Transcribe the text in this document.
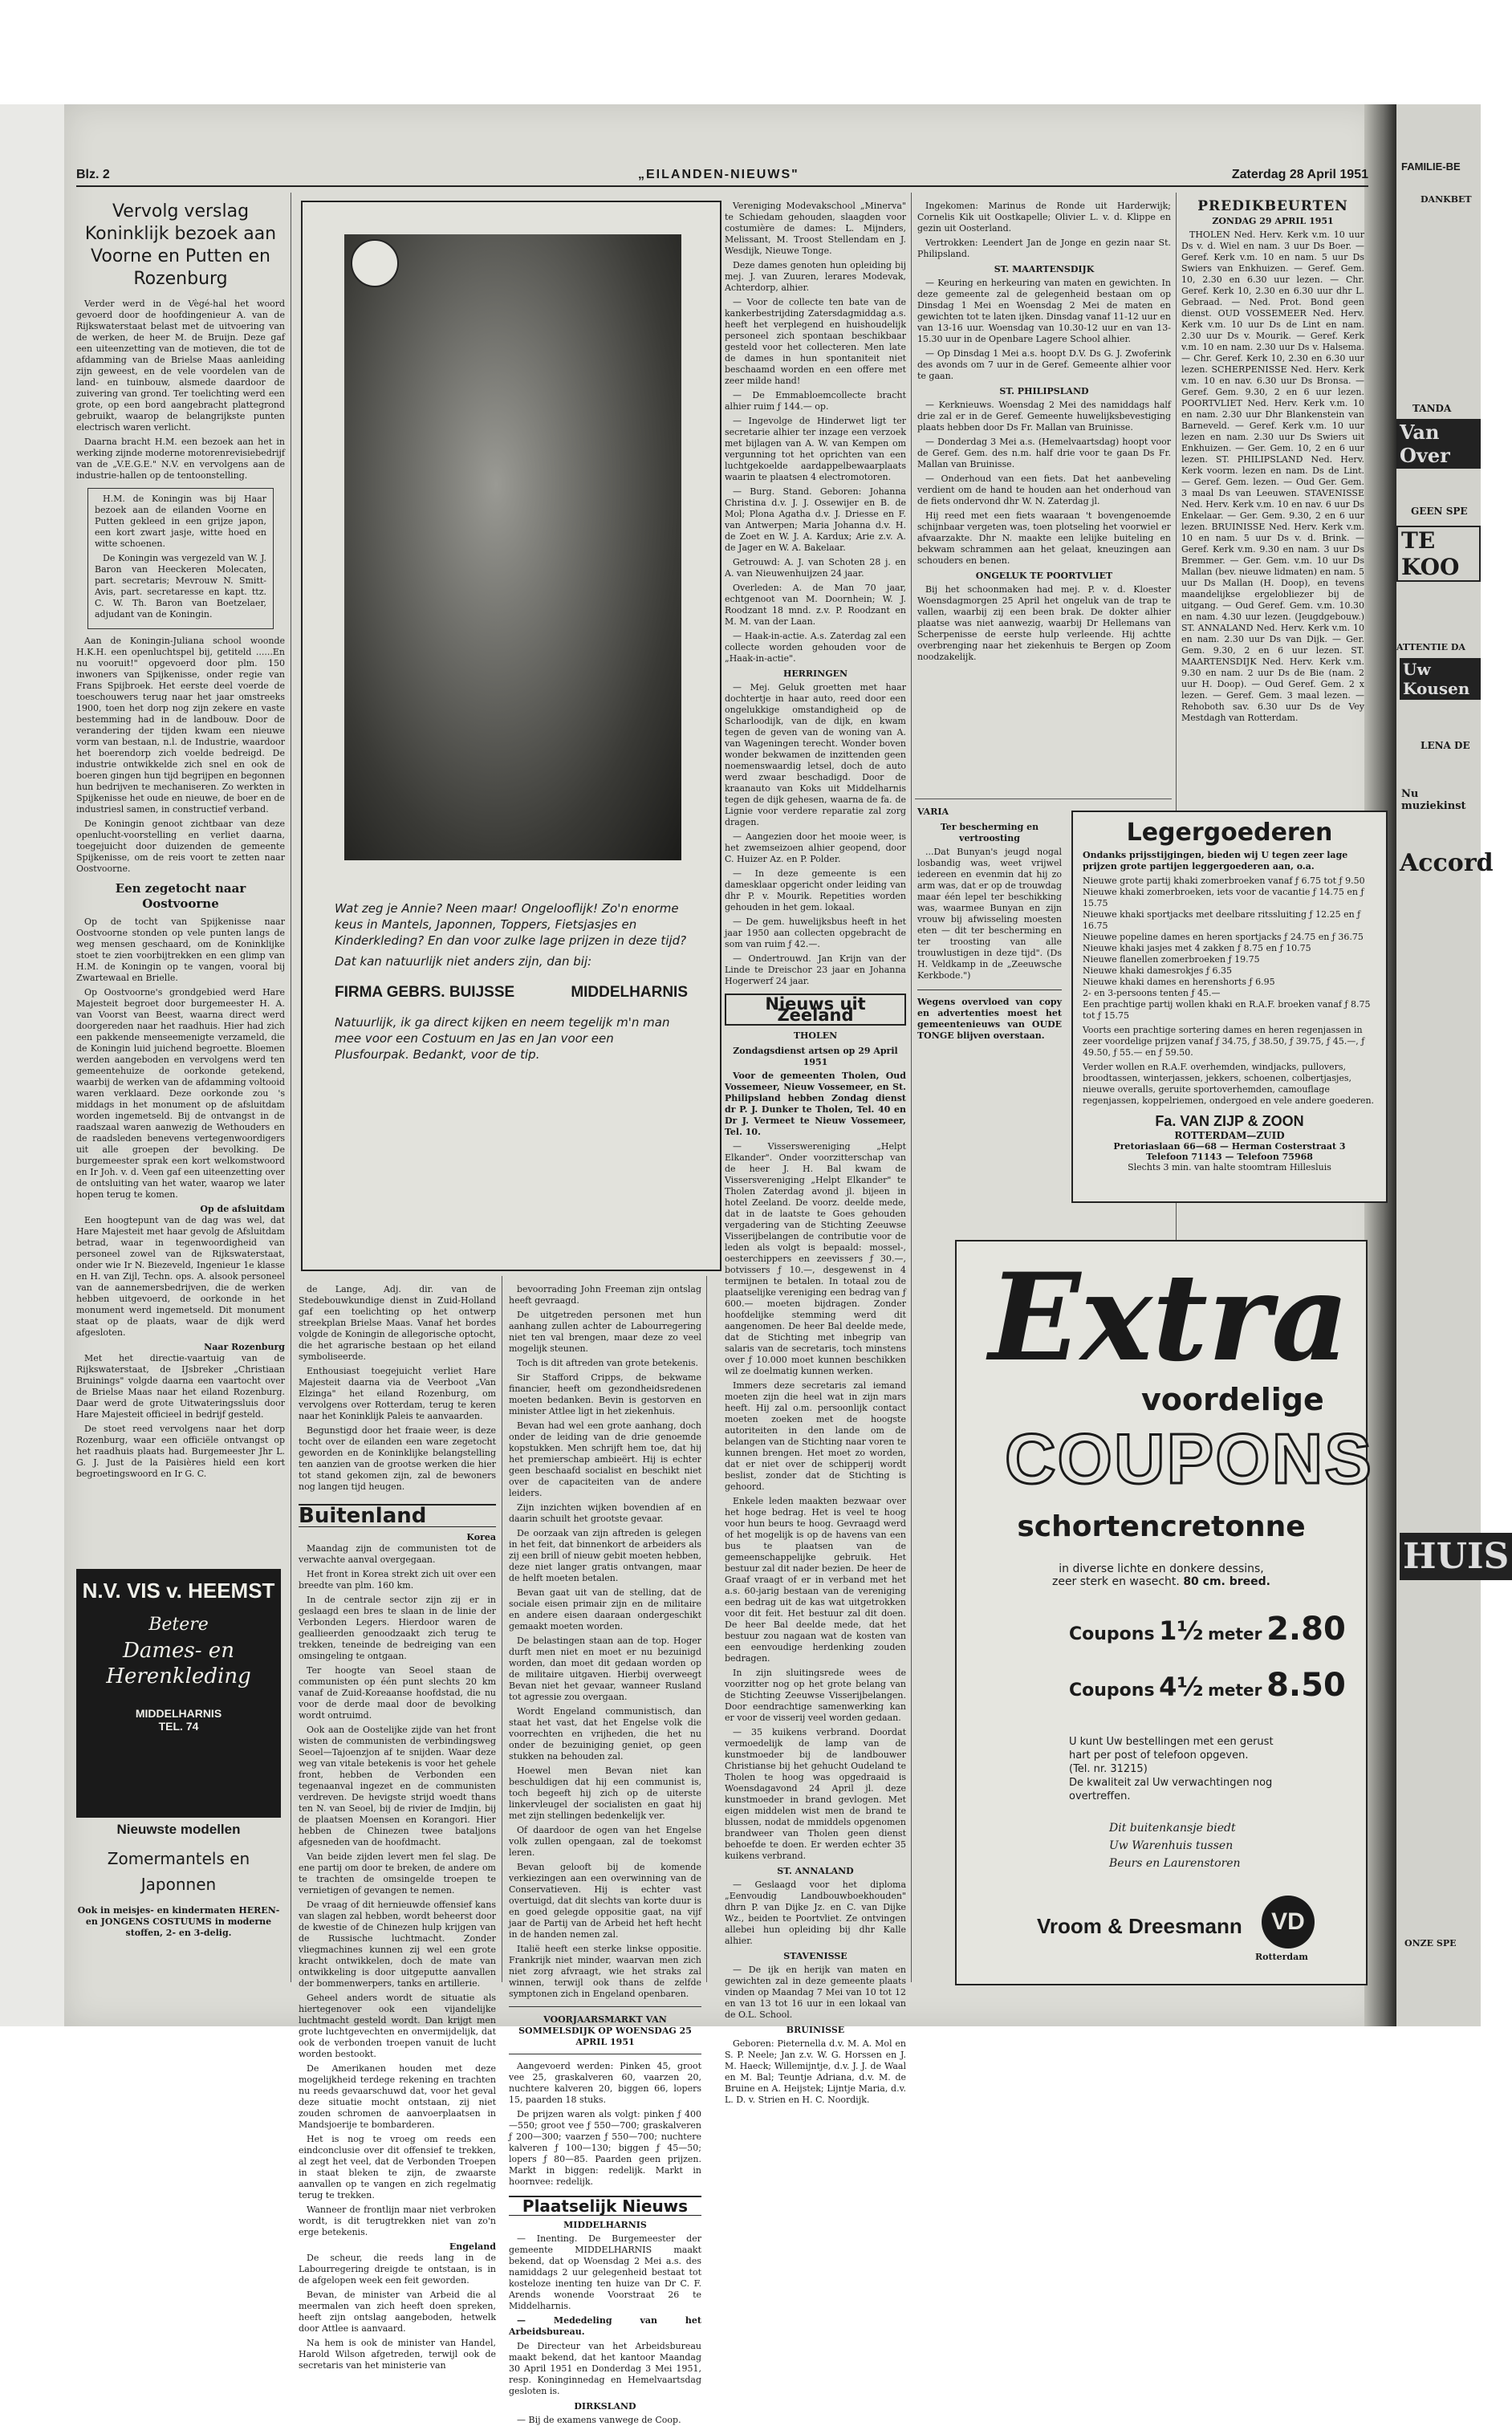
FAMILIE-BE
DANKBET
TANDA
Van Over
GEEN SPE
TE KOO
ATTENTIE DA
Uw Kousen
LENA DE
Nu muziekinst
Accord
HUIS
ONZE SPE
Blz. 2	„EILANDEN-NIEUWS"	Zaterdag 28 April 1951
Vervolg verslag Koninklijk bezoek aan Voorne en Putten en Rozenburg

Verder werd in de Vègé-hal het woord gevoerd door de hoofdingenieur A. van de Rijkswaterstaat belast met de uitvoering van de werken, de heer M. de Bruijn. Deze gaf een uiteenzetting van de motieven, die tot de afdamming van de Brielse Maas aanleiding zijn geweest, en de vele voordelen van de land- en tuinbouw, alsmede daardoor de zuivering van grond. Ter toelichting werd een grote, op een bord aangebracht plattegrond gebruikt, waarop de belangrijkste punten electrisch waren verlicht.

Daarna bracht H.M. een bezoek aan het in werking zijnde moderne motorenrevisiebedrijf van de „V.E.G.E." N.V. en vervolgens aan de industrie-hallen op de tentoonstelling.

H.M. de Koningin was bij Haar bezoek aan de eilanden Voorne en Putten gekleed in een grijze japon, een kort zwart jasje, witte hoed en witte schoenen.

De Koningin was vergezeld van W. J. Baron van Heeckeren Molecaten, part. secretaris; Mevrouw N. Smitt-Avis, part. secretaresse en kapt. ttz. C. W. Th. Baron van Boetzelaer, adjudant van de Koningin.

Aan de Koningin-Juliana school woonde H.K.H. een openluchtspel bij, getiteld ......En nu vooruit!" opgevoerd door plm. 150 inwoners van Spijkenisse, onder regie van Frans Spijbroek. Het eerste deel voerde de toeschouwers terug naar het jaar omstreeks 1900, toen het dorp nog zijn zekere en vaste bestemming had in de landbouw. Door de verandering der tijden kwam een nieuwe vorm van bestaan, n.l. de Industrie, waardoor het boerendorp zich voelde bedreigd. De industrie ontwikkelde zich snel en ook de boeren gingen hun tijd begrijpen en begonnen hun bedrijven te mechaniseren. Zo werkten in Spijkenisse het oude en nieuwe, de boer en de industriesl samen, in constructief verband.

De Koningin genoot zichtbaar van deze openlucht-voorstelling en verliet daarna, toegejuicht door duizenden de gemeente Spijkenisse, om de reis voort te zetten naar Oostvoorne.

Een zegetocht naar Oostvoorne

Op de tocht van Spijkenisse naar Oostvoorne stonden op vele punten langs de weg mensen geschaard, om de Koninklijke stoet te zien voorbijtrekken en een glimp van H.M. de Koningin op te vangen, vooral bij Zwartewaal en Brielle.

Op Oostvoorne's grondgebied werd Hare Majesteit begroet door burgemeester H. A. van Voorst van Beest, waarna direct werd doorgereden naar het raadhuis. Hier had zich een pakkende menseemenigte verzameld, die de Koningin luid juichend begroette. Bloemen werden aangeboden en vervolgens werd ten gemeentehuize de oorkonde getekend, waarbij de werken van de afdamming voltooid waren verklaard. Deze oorkonde zou 's middags in het monument op de afsluitdam worden ingemetseld. Bij de ontvangst in de raadszaal waren aanwezig de Wethouders en de raadsleden benevens vertegenwoordigers uit alle groepen der bevolking. De burgemeester sprak een kort welkomstwoord en Ir Joh. v. d. Veen gaf een uiteenzetting over de ontsluiting van het water, waarop we later hopen terug te komen.

Op de afsluitdam

Een hoogtepunt van de dag was wel, dat Hare Majesteit met haar gevolg de Afsluitdam betrad, waar in tegenwoordigheid van personeel zowel van de Rijkswaterstaat, onder wie Ir N. Biezeveld, Ingenieur 1e klasse en H. van Zijl, Techn. ops. A. alsook personeel van de aannemersbedrijven, die de werken hebben uitgevoerd, de oorkonde in het monument werd ingemetseld. Dit monument staat op de plaats, waar de dijk werd afgesloten.

Naar Rozenburg

Met het directie-vaartuig van de Rijkswaterstaat, de IJsbreker „Christiaan Bruinings" volgde daarna een vaartocht over de Brielse Maas naar het eiland Rozenburg. Daar werd de grote Uitwateringssluis door Hare Majesteit officieel in bedrijf gesteld.

De stoet reed vervolgens naar het dorp Rozenburg, waar een officiële ontvangst op het raadhuis plaats had. Burgemeester Jhr L. G. J. Just de la Paisières hield een kort begroetingswoord en Ir G. C.

N.V. VIS v. HEEMST
Betere
Dames- en Herenkleding
MIDDELHARNIS
TEL. 74
Nieuwste modellen
Zomermantels en
Japonnen
Ook in meisjes- en kindermaten HEREN- en JONGENS COSTUUMS in moderne stoffen, 2- en 3-delig.
Wat zeg je Annie? Neen maar! Ongelooflijk! Zo'n enorme keus in Mantels, Japonnen, Toppers, Fietsjasjes en Kinderkleding? En dan voor zulke lage prijzen in deze tijd?
Dat kan natuurlijk niet anders zijn, dan bij:
FIRMA GEBRS. BUIJSSE	MIDDELHARNIS
Natuurlijk, ik ga direct kijken en neem tegelijk m'n man mee voor een Costuum en Jas en Jan voor een Plusfourpak. Bedankt, voor de tip.

de Lange, Adj. dir. van de Stedebouwkundige dienst in Zuid-Holland gaf een toelichting op het ontwerp streekplan Brielse Maas. Vanaf het bordes volgde de Koningin de allegorische optocht, die het agrarische bestaan op het eiland symboliseerde.

Enthousiast toegejuicht verliet Hare Majesteit daarna via de Veerboot „Van Elzinga" het eiland Rozenburg, om vervolgens over Rotterdam, terug te keren naar het Koninklijk Paleis te aanvaarden.

Begunstigd door het fraaie weer, is deze tocht over de eilanden een ware zegetocht geworden en de Koninklijke belangstelling ten aanzien van de grootse werken die hier tot stand gekomen zijn, zal de bewoners nog langen tijd heugen.

Buitenland
Korea

Maandag zijn de communisten tot de verwachte aanval overgegaan.

Het front in Korea strekt zich uit over een breedte van plm. 160 km.

In de centrale sector zijn zij er in geslaagd een bres te slaan in de linie der Verbonden Legers. Hierdoor waren de geallieerden genoodzaakt zich terug te trekken, teneinde de bedreiging van een omsingeling te ontgaan.

Ter hoogte van Seoel staan de communisten op één punt slechts 20 km vanaf de Zuid-Koreaanse hoofdstad, die nu voor de derde maal door de bevolking wordt ontruimd.

Ook aan de Oostelijke zijde van het front wisten de communisten de verbindingsweg Seoel—Tajoenzjon af te snijden. Waar deze weg van vitale betekenis is voor het gehele front, hebben de Verbonden een tegenaanval ingezet en de communisten verdreven. De hevigste strijd woedt thans ten N. van Seoel, bij de rivier de Imdjin, bij de plaatsen Moensen en Korangori. Hier hebben de Chinezen twee bataljons afgesneden van de hoofdmacht.

Van beide zijden levert men fel slag. De ene partij om door te breken, de andere om te trachten de omsingelde troepen te vernietigen of gevangen te nemen.

De vraag of dit hernieuwde offensief kans van slagen zal hebben, wordt beheerst door de kwestie of de Chinezen hulp krijgen van de Russische luchtmacht. Zonder vliegmachines kunnen zij wel een grote kracht ontwikkelen, doch de mate van ontwikkeling is door uitgeputte aanvallen der bommenwerpers, tanks en artillerie.

Geheel anders wordt de situatie als hiertegenover ook een vijandelijke luchtmacht gesteld wordt. Dan krijgt men grote luchtgevechten en onvermijdelijk, dat ook de verbonden troepen vanuit de lucht worden bestookt.

De Amerikanen houden met deze mogelijkheid terdege rekening en trachten nu reeds gevaarschuwd dat, voor het geval deze situatie mocht ontstaan, zij niet zouden schromen de aanvoerplaatsen in Mandsjoerije te bombarderen.

Het is nog te vroeg om reeds een eindconclusie over dit offensief te trekken, al zegt het veel, dat de Verbonden Troepen in staat bleken te zijn, de zwaarste aanvallen op te vangen en zich regelmatig terug te trekken.

Wanneer de frontlijn maar niet verbroken wordt, is dit terugtrekken niet van zo'n erge betekenis.

Engeland

De scheur, die reeds lang in de Labourregering dreigde te ontstaan, is in de afgelopen week een feit geworden.

Bevan, de minister van Arbeid die al meermalen van zich heeft doen spreken, heeft zijn ontslag aangeboden, hetwelk door Attlee is aanvaard.

Na hem is ook de minister van Handel, Harold Wilson afgetreden, terwijl ook de secretaris van het ministerie van

bevoorrading John Freeman zijn ontslag heeft gevraagd.

De uitgetreden personen met hun aanhang zullen achter de Labourregering niet ten val brengen, maar deze zo veel mogelijk steunen.

Toch is dit aftreden van grote betekenis.

Sir Stafford Cripps, de bekwame financier, heeft om gezondheidsredenen moeten bedanken. Bevin is gestorven en minister Attlee ligt in het ziekenhuis.

Bevan had wel een grote aanhang, doch onder de leiding van de drie genoemde kopstukken. Men schrijft hem toe, dat hij het premierschap ambieërt. Hij is echter geen beschaafd socialist en beschikt niet over de capaciteiten van de andere leiders.

Zijn inzichten wijken bovendien af en daarin schuilt het grootste gevaar.

De oorzaak van zijn aftreden is gelegen in het feit, dat binnenkort de arbeiders als zij een brill of nieuw gebit moeten hebben, deze niet langer gratis ontvangen, maar de helft moeten betalen.

Bevan gaat uit van de stelling, dat de sociale eisen primair zijn en de militaire en andere eisen daaraan ondergeschikt gemaakt moeten worden.

De belastingen staan aan de top. Hoger durft men niet en moet er nu bezuinigd worden, dan moet dit gedaan worden op de militaire uitgaven. Hierbij overweegt Bevan niet het gevaar, wanneer Rusland tot agressie zou overgaan.

Wordt Engeland communistisch, dan staat het vast, dat het Engelse volk die voorrechten en vrijheden, die het nu onder de bezuiniging geniet, op geen stukken na behouden zal.

Hoewel men Bevan niet kan beschuldigen dat hij een communist is, toch begeeft hij zich op de uiterste linkervleugel der socialisten en gaat hij met zijn stellingen bedenkelijk ver.

Of daardoor de ogen van het Engelse volk zullen opengaan, zal de toekomst leren.

Bevan gelooft bij de komende verkiezingen aan een overwinning van de Conservatieven. Hij is echter vast overtuigd, dat dit slechts van korte duur is en goed gelegde oppositie gaat, na vijf jaar de Partij van de Arbeid het heft hecht in de handen nemen zal.

Italië heeft een sterke linkse oppositie. Frankrijk niet minder, waarvan men zich niet zorg afvraagt, wie het straks zal winnen, terwijl ook thans de zelfde symptonen zich in Engeland openbaren.

VOORJAARSMARKT VAN SOMMELSDIJK OP WOENSDAG 25 APRIL 1951

Aangevoerd werden: Pinken 45, groot vee 25, graskalveren 60, vaarzen 20, nuchtere kalveren 20, biggen 66, lopers 15, paarden 18 stuks.

De prijzen waren als volgt: pinken ƒ 400—550; groot vee ƒ 550—700; graskalveren ƒ 200—300; vaarzen ƒ 550—700; nuchtere kalveren ƒ 100—130; biggen ƒ 45—50; lopers ƒ 80—85. Paarden geen prijzen. Markt in biggen: redelijk. Markt in hoornvee: redelijk.

Plaatselijk Nieuws
MIDDELHARNIS

— Inenting. De Burgemeester der gemeente MIDDELHARNIS maakt bekend, dat op Woensdag 2 Mei a.s. des namiddags 2 uur gelegenheid bestaat tot kosteloze inenting ten huize van Dr C. F. Arends wonende Voorstraat 26 te Middelharnis.

— Mededeling van het Arbeidsbureau.

De Directeur van het Arbeidsbureau maakt bekend, dat het kantoor Maandag 30 April 1951 en Donderdag 3 Mei 1951, resp. Koninginnedag en Hemelvaartsdag gesloten is.

DIRKSLAND

— Bij de examens vanwege de Coop.

Vereniging Modevakschool „Minerva" te Schiedam gehouden, slaagden voor costumière de dames: L. Mijnders, Melissant, M. Troost Stellendam en J. Wesdijk, Nieuwe Tonge.

Deze dames genoten hun opleiding bij mej. J. van Zuuren, lerares Modevak, Achterdorp, alhier.

— Voor de collecte ten bate van de kankerbestrijding Zatersdagmiddag a.s. heeft het verplegend en huishoudelijk personeel zich spontaan beschikbaar gesteld voor het collecteren. Men late de dames in hun spontaniteit niet beschaamd worden en een offere met zeer milde hand!

— De Emmabloemcollecte bracht alhier ruim ƒ 144.— op.

— Ingevolge de Hinderwet ligt ter secretarie alhier ter inzage een verzoek met bijlagen van A. W. van Kempen om vergunning tot het oprichten van een luchtgekoelde aardappelbewaarplaats waarin te plaatsen 4 electromotoren.

— Burg. Stand. Geboren: Johanna Christina d.v. J. J. Ossewijer en B. de Mol; Plona Agatha d.v. J. Driesse en F. van Antwerpen; Maria Johanna d.v. H. de Zoet en W. J. A. Kardux; Arie z.v. A. de Jager en W. A. Bakelaar.

Getrouwd: A. J. van Schoten 28 j. en A. van Nieuwenhuijzen 24 jaar.

Overleden: A. de Man 70 jaar, echtgenoot van M. Doornhein; W. J. Roodzant 18 mnd. z.v. P. Roodzant en M. M. van der Laan.

— Haak-in-actie. A.s. Zaterdag zal een collecte worden gehouden voor de „Haak-in-actie".

HERRINGEN

— Mej. Geluk groetten met haar dochtertje in haar auto, reed door een ongelukkige omstandigheid op de Scharloodijk, van de dijk, en kwam tegen de geven van de woning van A. van Wageningen terecht. Wonder boven wonder bekwamen de inzittenden geen noemenswaardig letsel, doch de auto werd zwaar beschadigd. Door de kraanauto van Koks uit Middelharnis tegen de dijk gehesen, waarna de fa. de Lignie voor verdere reparatie zal zorg dragen.

— Aangezien door het mooie weer, is het zwemseizoen alhier geopend, door C. Huizer Az. en P. Polder.

— In deze gemeente is een damesklaar opgericht onder leiding van dhr P. v. Mourik. Repetities worden gehouden in het gem. lokaal.

— De gem. huwelijksbus heeft in het jaar 1950 aan collecten opgebracht de som van ruim ƒ 42.—.

— Ondertrouwd. Jan Krijn van der Linde te Dreischor 23 jaar en Johanna Hogerwerf 24 jaar.

Nieuws uit Zeeland
THOLEN
Zondagsdienst artsen op 29 April 1951

Voor de gemeenten Tholen, Oud Vossemeer, Nieuw Vossemeer, en St. Philipsland hebben Zondag dienst dr P. J. Dunker te Tholen, Tel. 40 en Dr J. Vermeet te Nieuw Vossemeer, Tel. 10.

— Visserswereniging „Helpt Elkander". Onder voorzitterschap van de heer J. H. Bal kwam de Vissersvereniging „Helpt Elkander" te Tholen Zaterdag avond jl. bijeen in hotel Zeeland. De voorz. deelde mede, dat in de laatste te Goes gehouden vergadering van de Stichting Zeeuwse Visserijbelangen de contributie voor de leden als volgt is bepaald: mossel-, oesterchippers en zeevissers ƒ 30.—, botvissers ƒ 10.—, desgewenst in 4 termijnen te betalen. In totaal zou de plaatselijke vereniging een bedrag van ƒ 600.— moeten bijdragen. Zonder hoofdelijke stemming werd dit aangenomen. De heer Bal deelde mede, dat de Stichting met inbegrip van salaris van de secretaris, toch minstens over ƒ 10.000 moet kunnen beschikken wil ze doelmatig kunnen werken.

Immers deze secretaris zal iemand moeten zijn die heel wat in zijn mars heeft. Hij zal o.m. persoonlijk contact moeten zoeken met de hoogste autoriteiten in den lande om de belangen van de Stichting naar voren te kunnen brengen. Het moet zo worden, dat er niet over de schipperij wordt beslist, zonder dat de Stichting is gehoord.

Enkele leden maakten bezwaar over het hoge bedrag. Het is veel te hoog voor hun beurs te hoog. Gevraagd werd of het mogelijk is op de havens van een bus te plaatsen van de gemeenschappelijke gebruik. Het bestuur zal dit nader bezien. De heer de Graaf vraagt of er in verband met het a.s. 60-jarig bestaan van de vereniging een bedrag uit de kas wat uitgetrokken voor dit feit. Het bestuur zal dit doen. De heer Bal deelde mede, dat het bestuur zou nagaan wat de kosten van een eenvoudige herdenking zouden bedragen.

In zijn sluitingsrede wees de voorzitter nog op het grote belang van de Stichting Zeeuwse Visserijbelangen. Door eendrachtige samenwerking kan er voor de visserij veel worden gedaan.

— 35 kuikens verbrand. Doordat vermoedelijk de lamp van de kunstmoeder bij de landbouwer Christianse bij het gehucht Oudeland te Tholen te hoog was opgedraaid is Woensdagavond 24 April jl. deze kunstmoeder in brand gevlogen. Met eigen middelen wist men de brand te blussen, nodat de mmiddels opgenomen brandweer van Tholen geen dienst behoefde te doen. Er werden echter 35 kuikens verbrand.

ST. ANNALAND

— Geslaagd voor het diploma „Eenvoudig Landbouwboekhouden" dhrn P. van Dijke Jz. en C. van Dijke Wz., beiden te Poortvliet. Ze ontvingen allebei hun opleiding bij dhr Kalle alhier.

STAVENISSE

— De ijk en herijk van maten en gewichten zal in deze gemeente plaats vinden op Maandag 7 Mei van 10 tot 12 en van 13 tot 16 uur in een lokaal van de O.L. School.

BRUINISSE

Geboren: Pieternella d.v. M. A. Mol en S. P. Neele; Jan z.v. W. G. Horssen en J. M. Haeck; Willemijntje, d.v. J. J. de Waal en M. Bal; Teuntje Adriana, d.v. M. de Bruine en A. Heijstek; Lijntje Maria, d.v. L. D. v. Strien en H. C. Noordijk.

Ingekomen: Marinus de Ronde uit Harderwijk; Cornelis Kik uit Oostkapelle; Olivier L. v. d. Klippe en gezin uit Oosterland.

Vertrokken: Leendert Jan de Jonge en gezin naar St. Philipsland.

ST. MAARTENSDIJK

— Keuring en herkeuring van maten en gewichten. In deze gemeente zal de gelegenheid bestaan om op Dinsdag 1 Mei en Woensdag 2 Mei de maten en gewichten tot te laten ijken. Dinsdag vanaf 11-12 uur en van 13-16 uur. Woensdag van 10.30-12 uur en van 13-15.30 uur in de Openbare Lagere School alhier.

— Op Dinsdag 1 Mei a.s. hoopt D.V. Ds G. J. Zwoferink des avonds om 7 uur in de Geref. Gemeente alhier voor te gaan.

ST. PHILIPSLAND

— Kerknieuws. Woensdag 2 Mei des namiddags half drie zal er in de Geref. Gemeente huwelijksbevestiging plaats hebben door Ds Fr. Mallan van Bruinisse.

— Donderdag 3 Mei a.s. (Hemelvaartsdag) hoopt voor de Geref. Gem. des n.m. half drie voor te gaan Ds Fr. Mallan van Bruinisse.

— Onderhoud van een fiets. Dat het aanbeveling verdient om de hand te houden aan het onderhoud van de fiets ondervond dhr W. N. Zaterdag jl.

Hij reed met een fiets waaraan 't bovengenoemde schijnbaar vergeten was, toen plotseling het voorwiel er afvaarzakte. Dhr N. maakte een lelijke buiteling en bekwam schrammen aan het gelaat, kneuzingen aan schouders en benen.

ONGELUK TE POORTVLIET

Bij het schoonmaken had mej. P. v. d. Kloester Woensdagmorgen 25 April het ongeluk van de trap te vallen, waarbij zij een been brak. De dokter alhier plaatse was niet aanwezig, waarbij Dr Hellemans van Scherpenisse de eerste hulp verleende. Hij achtte overbrenging naar het ziekenhuis te Bergen op Zoom noodzakelijk.

VARIA
Ter bescherming en vertroosting

...Dat Bunyan's jeugd nogal losbandig was, weet vrijwel iedereen en evenmin dat hij zo arm was, dat er op de trouwdag maar één lepel ter beschikking was, waarmee Bunyan en zijn vrouw bij afwisseling moesten eten — dit ter bescherming en ter troosting van alle trouwlustigen in deze tijd". (Ds H. Veldkamp in de „Zeeuwsche Kerkbode.")

Wegens overvloed van copy en advertenties moest het gemeentenieuws van OUDE TONGE blijven overstaan.
Legergoederen
Ondanks prijsstijgingen, bieden wij U tegen zeer lage prijzen grote partijen leggergoederen aan, o.a.
Nieuwe grote partij khaki zomerbroeken vanaf ƒ 6.75 tot ƒ 9.50
Nieuwe khaki zomerbroeken, iets voor de vacantie ƒ 14.75 en ƒ 15.75
Nieuwe khaki sportjacks met deelbare ritssluiting ƒ 12.25 en ƒ 16.75
Nieuwe popeline dames en heren sportjacks ƒ 24.75 en ƒ 36.75
Nieuwe khaki jasjes met 4 zakken ƒ 8.75 en ƒ 10.75
Nieuwe flanellen zomerbroeken ƒ 19.75
Nieuwe khaki damesrokjes ƒ 6.35
Nieuwe khaki dames en herenshorts ƒ 6.95
2- en 3-persoons tenten ƒ 45.—
Een prachtige partij wollen khaki en R.A.F. broeken vanaf ƒ 8.75 tot ƒ 15.75
Voorts een prachtige sortering dames en heren regenjassen in zeer voordelige prijzen vanaf ƒ 34.75, ƒ 38.50, ƒ 39.75, ƒ 45.—, ƒ 49.50, ƒ 55.— en ƒ 59.50.
Verder wollen en R.A.F. overhemden, windjacks, pullovers, broodtassen, winterjassen, jekkers, schoenen, colbertjasjes, nieuwe overalls, geruite sportoverhemden, camouflage regenjassen, koppelriemen, ondergoed en vele andere goederen.
Fa. VAN ZIJP & ZOON
ROTTERDAM—ZUID
Pretoriaslaan 66—68 — Herman Costerstraat 3
Telefoon 71143 — Telefoon 75968
Slechts 3 min. van halte stoomtram Hillesluis
PREDIKBEURTEN
ZONDAG 29 APRIL 1951

THOLEN Ned. Herv. Kerk v.m. 10 uur Ds v. d. Wiel en nam. 3 uur Ds Boer. — Geref. Kerk v.m. 10 en nam. 5 uur Ds Swiers van Enkhuizen. — Geref. Gem. 10, 2.30 en 6.30 uur lezen. — Chr. Geref. Kerk 10, 2.30 en 6.30 uur dhr L. Gebraad. — Ned. Prot. Bond geen dienst. OUD VOSSEMEER Ned. Herv. Kerk v.m. 10 uur Ds de Lint en nam. 2.30 uur Ds v. Mourik. — Geref. Kerk v.m. 10 en nam. 2.30 uur Ds v. Halsema. — Chr. Geref. Kerk 10, 2.30 en 6.30 uur lezen. SCHERPENISSE Ned. Herv. Kerk v.m. 10 en nav. 6.30 uur Ds Bronsa. — Geref. Gem. 9.30, 2 en 6 uur lezen. POORTVLIET Ned. Herv. Kerk v.m. 10 en nam. 2.30 uur Dhr Blankenstein van Barneveld. — Geref. Kerk v.m. 10 uur lezen en nam. 2.30 uur Ds Swiers uit Enkhuizen. — Ger. Gem. 10, 2 en 6 uur lezen. ST. PHILIPSLAND Ned. Herv. Kerk voorm. lezen en nam. Ds de Lint. — Geref. Gem. lezen. — Oud Ger. Gem. 3 maal Ds van Leeuwen. STAVENISSE Ned. Herv. Kerk v.m. 10 en nav. 6 uur Ds Enkelaar. — Ger. Gem. 9.30, 2 en 6 uur lezen. BRUINISSE Ned. Herv. Kerk v.m. 10 en nam. 5 uur Ds v. d. Brink. — Geref. Kerk v.m. 9.30 en nam. 3 uur Ds Bremmer. — Ger. Gem. v.m. 10 uur Ds Mallan (bev. nieuwe lidmaten) en nam. 5 uur Ds Mallan (H. Doop), en tevens maandelijkse ergelobliezer bij de uitgang. — Oud Geref. Gem. v.m. 10.30 en nam. 4.30 uur lezen. (Jeugdgebouw.) ST. ANNALAND Ned. Herv. Kerk v.m. 10 en nam. 2.30 uur Ds van Dijk. — Ger. Gem. 9.30, 2 en 6 uur lezen. ST. MAARTENSDIJK Ned. Herv. Kerk v.m. 9.30 en nam. 2 uur Ds de Bie (nam. 2 uur H. Doop). — Oud Geref. Gem. 2 x lezen. — Geref. Gem. 3 maal lezen. — Rehoboth sav. 6.30 uur Ds de Vey Mestdagh van Rotterdam.

Extra
voordelige
COUPONS
schortencretonne
in diverse lichte en donkere dessins,
zeer sterk en wasecht. 80 cm. breed.
Coupons 1½ meter 2.80
Coupons 4½ meter 8.50
U kunt Uw bestellingen met een gerust hart per post of telefoon opgeven.
(Tel. nr. 31215)
De kwaliteit zal Uw verwachtingen nog overtreffen.
Dit buitenkansje biedt
Uw Warenhuis tussen
Beurs en Laurenstoren
Vroom & Dreesmann	VD
Rotterdam
